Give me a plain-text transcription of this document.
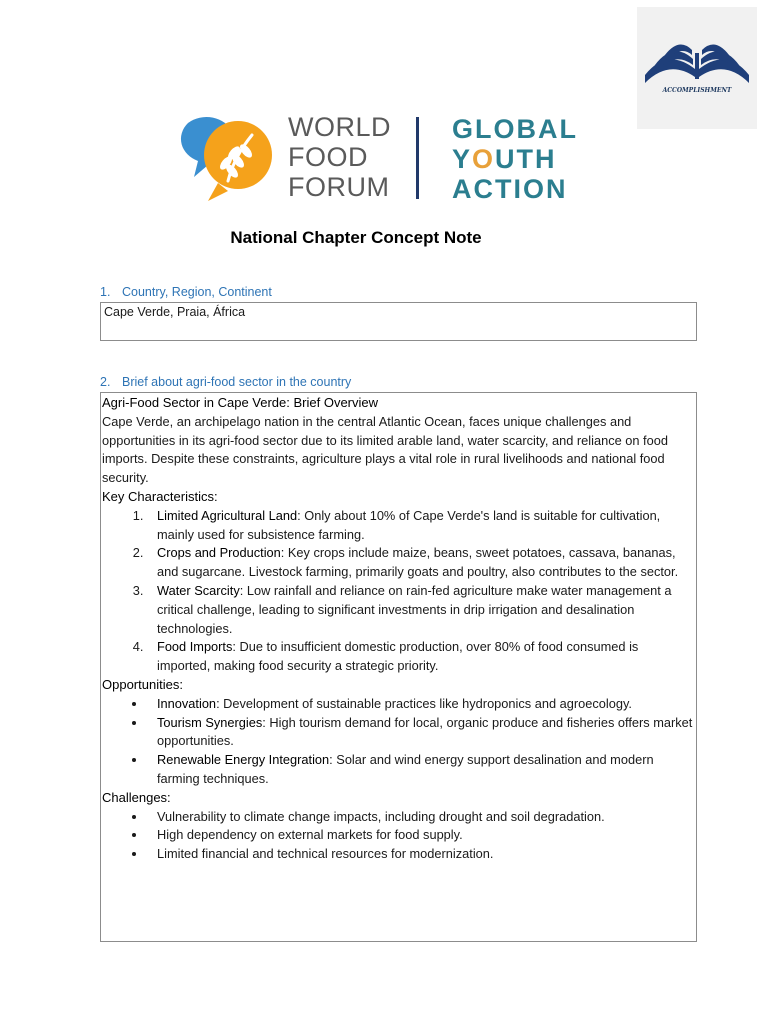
ACCOMPLISHMENT
WORLD
FOOD
FORUM
GLOBAL
YOUTH
ACTION
National Chapter Concept Note
1. Country, Region, Continent
Cape Verde, Praia, África
2. Brief about agri-food sector in the country

Agri-Food Sector in Cape Verde: Brief Overview

Cape Verde, an archipelago nation in the central Atlantic Ocean, faces unique challenges and opportunities in its agri-food sector due to its limited arable land, water scarcity, and reliance on food imports. Despite these constraints, agriculture plays a vital role in rural livelihoods and national food security.

Key Characteristics:

1. Limited Agricultural Land: Only about 10% of Cape Verde's land is suitable for cultivation, mainly used for subsistence farming.
2. Crops and Production: Key crops include maize, beans, sweet potatoes, cassava, bananas, and sugarcane. Livestock farming, primarily goats and poultry, also contributes to the sector.
3. Water Scarcity: Low rainfall and reliance on rain-fed agriculture make water management a critical challenge, leading to significant investments in drip irrigation and desalination technologies.
4. Food Imports: Due to insufficient domestic production, over 80% of food consumed is imported, making food security a strategic priority.

Opportunities:

• Innovation: Development of sustainable practices like hydroponics and agroecology.
• Tourism Synergies: High tourism demand for local, organic produce and fisheries offers market opportunities.
• Renewable Energy Integration: Solar and wind energy support desalination and modern farming techniques.

Challenges:

• Vulnerability to climate change impacts, including drought and soil degradation.
• High dependency on external markets for food supply.
• Limited financial and technical resources for modernization.
